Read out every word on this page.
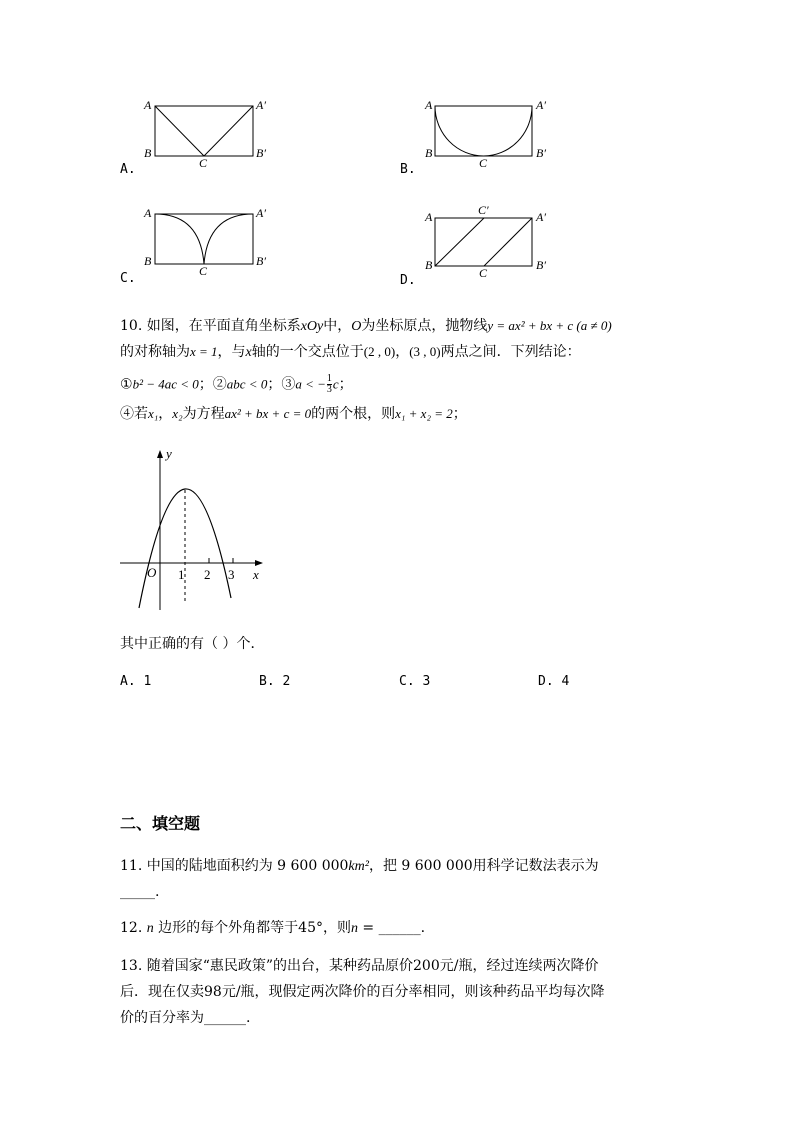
A	A′
B	B′
C
A.
A	A′
B	B′
C
B.
A	A′
B	B′
C
C.
A	A′
B	B′
C
C′
D.
10. 如图，在平面直角坐标系xOy中，O为坐标原点，抛物线y = ax² + bx + c (a ≠ 0)
的对称轴为x = 1，与x轴的一个交点位于(2 , 0)，(3 , 0)两点之间．下列结论：
①b² − 4ac < 0；②abc < 0；③a < − $\frac{1}{3}$ c；
④若x₁，x₂为方程ax² + bx + c = 0的两个根，则x₁ + x₂ = 2；
y
x
O 1 2 3
其中正确的有（ ）个．
A. 1	B. 2	C. 3	D. 4
二、填空题
11. 中国的陆地面积约为 9 600 000km²，把 9 600 000用科学记数法表示为
_____.
12. n 边形的每个外角都等于45°，则n = ______.
13. 随着国家“惠民政策”的出台，某种药品原价200元/瓶，经过连续两次降价
后．现在仅卖98元/瓶，现假定两次降价的百分率相同，则该种药品平均每次降
价的百分率为______.
